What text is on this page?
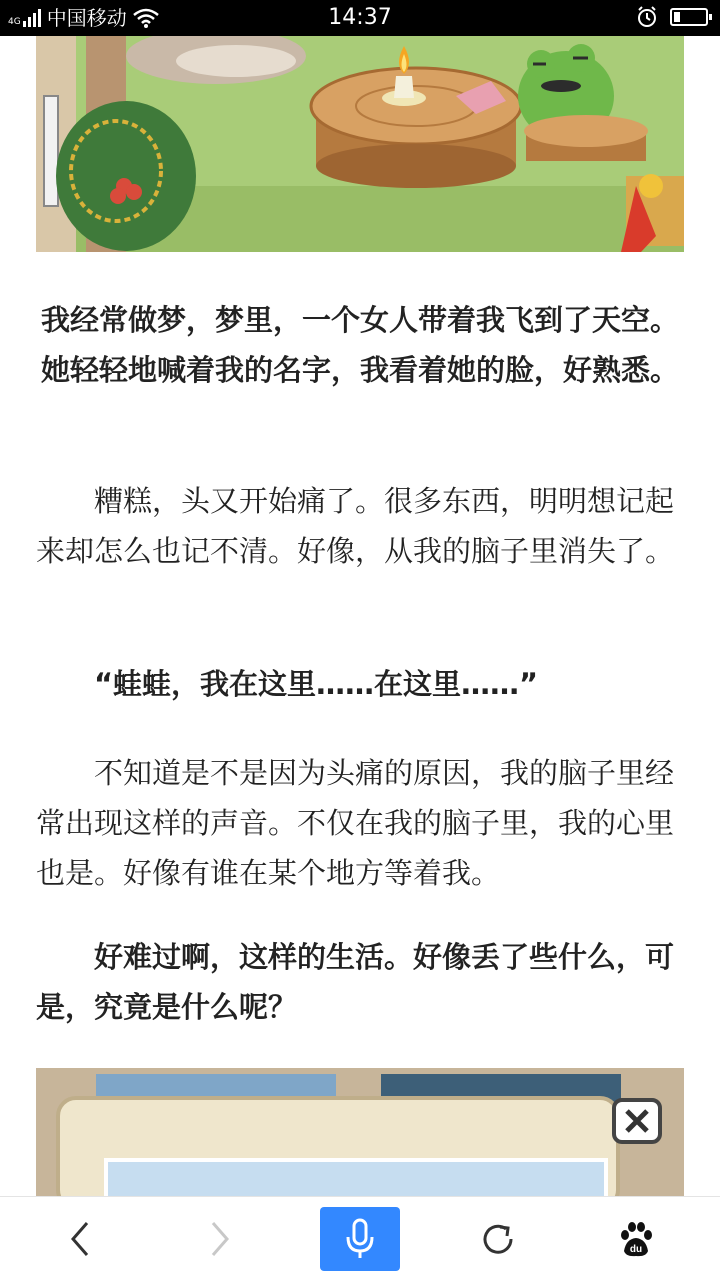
4G 中国移动	14:37

我经常做梦，梦里，一个女人带着我飞到了天空。她轻轻地喊着我的名字，我看着她的脸，好熟悉。

糟糕，头又开始痛了。很多东西，明明想记起来却怎么也记不清。好像，从我的脑子里消失了。

“蛙蛙，我在这里……在这里……”

不知道是不是因为头痛的原因，我的脑子里经常出现这样的声音。不仅在我的脑子里，我的心里也是。好像有谁在某个地方等着我。

好难过啊，这样的生活。好像丢了些什么，可是，究竟是什么呢？

du
